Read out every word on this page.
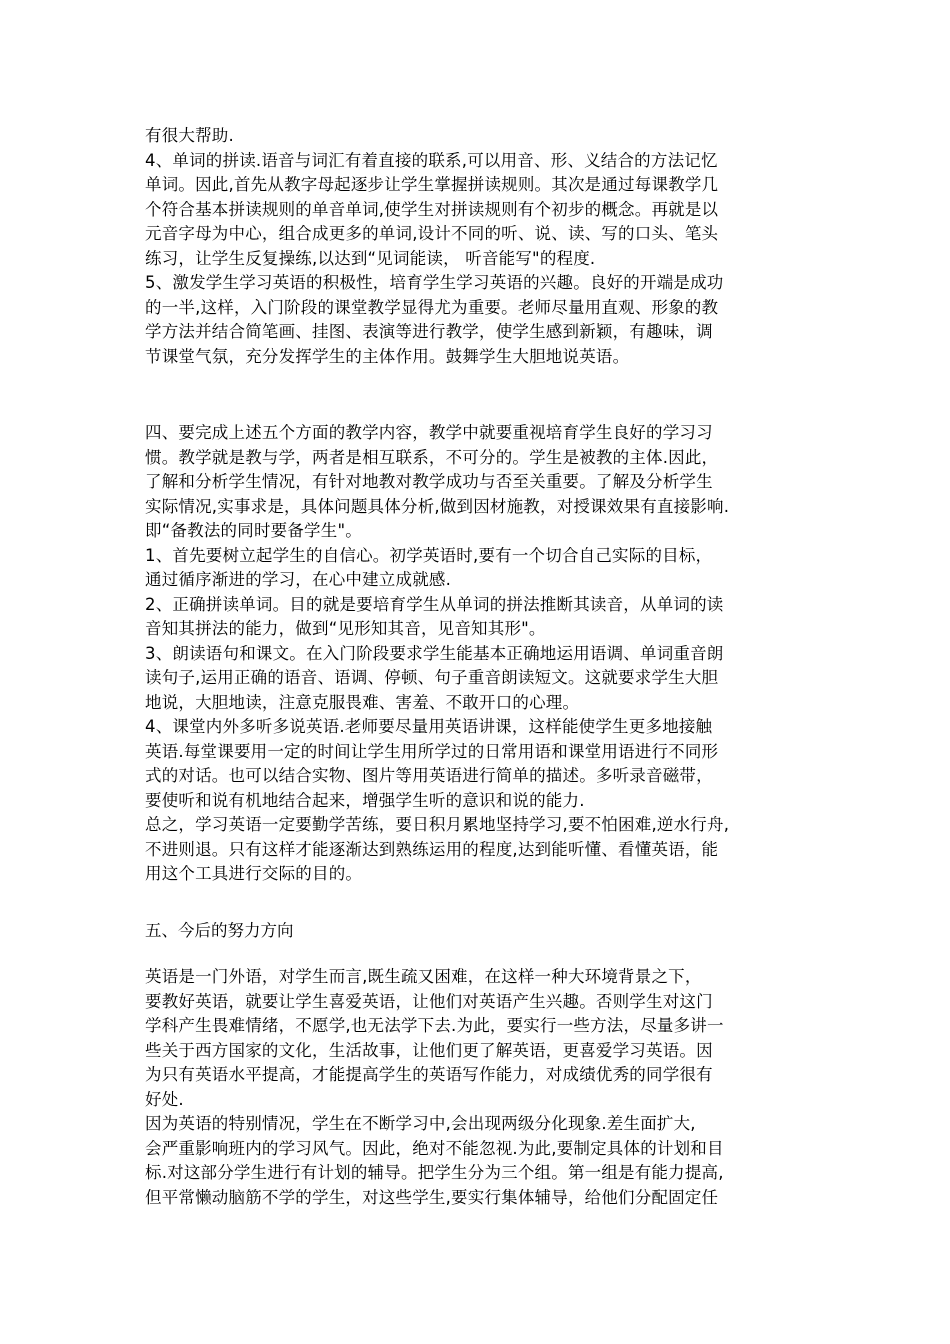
有很大帮助.
4、单词的拼读.语音与词汇有着直接的联系,可以用音、形、义结合的方法记忆
单词。因此,首先从教字母起逐步让学生掌握拼读规则。其次是通过每课教学几
个符合基本拼读规则的单音单词,使学生对拼读规则有个初步的概念。再就是以
元音字母为中心，组合成更多的单词,设计不同的听、说、读、写的口头、笔头
练习，让学生反复操练,以达到“见词能读， 听音能写"的程度.
5、激发学生学习英语的积极性，培育学生学习英语的兴趣。良好的开端是成功
的一半,这样，入门阶段的课堂教学显得尤为重要。老师尽量用直观、形象的教
学方法并结合简笔画、挂图、表演等进行教学，使学生感到新颖，有趣味，调
节课堂气氛，充分发挥学生的主体作用。鼓舞学生大胆地说英语。
四、要完成上述五个方面的教学内容，教学中就要重视培育学生良好的学习习
惯。教学就是教与学，两者是相互联系，不可分的。学生是被教的主体.因此，
了解和分析学生情况，有针对地教对教学成功与否至关重要。了解及分析学生
实际情况,实事求是，具体问题具体分析,做到因材施教，对授课效果有直接影响.
即“备教法的同时要备学生"。
1、首先要树立起学生的自信心。初学英语时,要有一个切合自己实际的目标，
通过循序渐进的学习，在心中建立成就感.
2、正确拼读单词。目的就是要培育学生从单词的拼法推断其读音，从单词的读
音知其拼法的能力，做到“见形知其音，见音知其形"。
3、朗读语句和课文。在入门阶段要求学生能基本正确地运用语调、单词重音朗
读句子,运用正确的语音、语调、停顿、句子重音朗读短文。这就要求学生大胆
地说，大胆地读，注意克服畏难、害羞、不敢开口的心理。
4、课堂内外多听多说英语.老师要尽量用英语讲课，这样能使学生更多地接触
英语.每堂课要用一定的时间让学生用所学过的日常用语和课堂用语进行不同形
式的对话。也可以结合实物、图片等用英语进行简单的描述。多听录音磁带，
要使听和说有机地结合起来，增强学生听的意识和说的能力.
总之，学习英语一定要勤学苦练，要日积月累地坚持学习,要不怕困难,逆水行舟,
不进则退。只有这样才能逐渐达到熟练运用的程度,达到能听懂、看懂英语，能
用这个工具进行交际的目的。
五、今后的努力方向
英语是一门外语，对学生而言,既生疏又困难，在这样一种大环境背景之下，
要教好英语，就要让学生喜爱英语，让他们对英语产生兴趣。否则学生对这门
学科产生畏难情绪，不愿学,也无法学下去.为此，要实行一些方法，尽量多讲一
些关于西方国家的文化，生活故事，让他们更了解英语，更喜爱学习英语。因
为只有英语水平提高，才能提高学生的英语写作能力，对成绩优秀的同学很有
好处.
因为英语的特别情况，学生在不断学习中,会出现两级分化现象.差生面扩大,
会严重影响班内的学习风气。因此，绝对不能忽视.为此,要制定具体的计划和目
标.对这部分学生进行有计划的辅导。把学生分为三个组。第一组是有能力提高,
但平常懒动脑筋不学的学生，对这些学生,要实行集体辅导，给他们分配固定任
